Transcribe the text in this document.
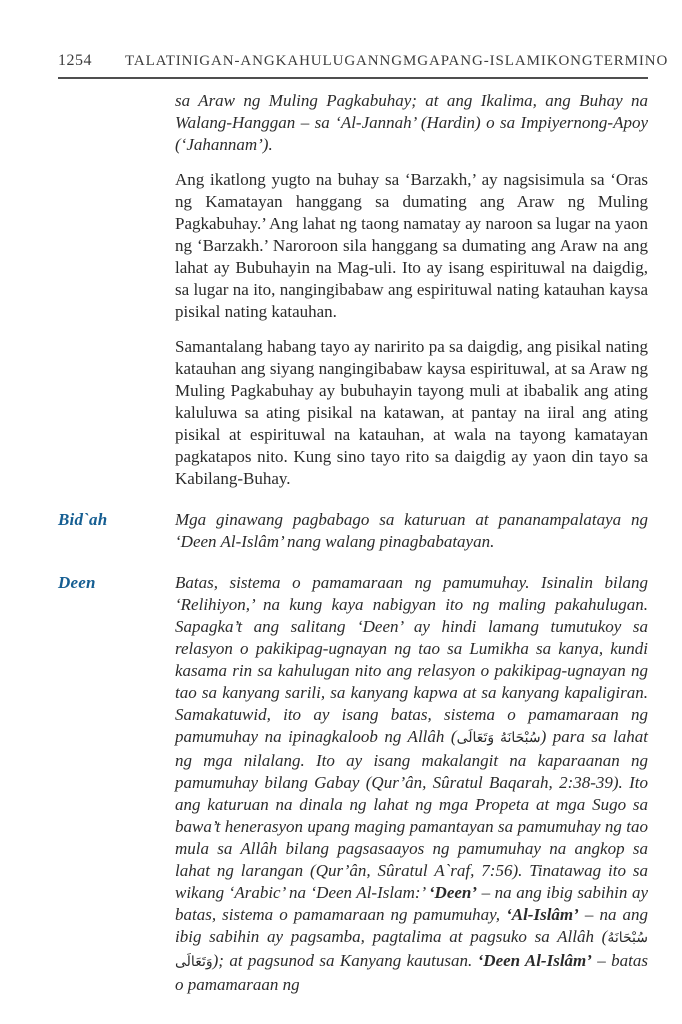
1254	TALATINIGAN-ANGKAHULUGANNGMGAPANG-ISLAMIKONGTERMINO

sa Araw ng Muling Pagkabuhay; at ang Ikalima, ang Buhay na Walang-Hanggan – sa ‘Al-Jannah’ (Hardin) o sa Impiyernong-Apoy (‘Jahannam’).

Ang ikatlong yugto na buhay sa ‘Barzakh,’ ay nagsisimula sa ‘Oras ng Kamatayan hanggang sa dumating ang Araw ng Muling Pagkabuhay.’ Ang lahat ng taong namatay ay naroon sa lugar na yaon ng ‘Barzakh.’ Naroroon sila hanggang sa dumating ang Araw na ang lahat ay Bubuhayin na Mag-uli. Ito ay isang espirituwal na daigdig, sa lugar na ito, nangingibabaw ang espirituwal nating katauhan kaysa pisikal nating katauhan.

Samantalang habang tayo ay naririto pa sa daigdig, ang pisikal nating katauhan ang siyang nangingibabaw kaysa espirituwal, at sa Araw ng Muling Pagkabuhay ay bubuhayin tayong muli at ibabalik ang ating kaluluwa sa ating pisikal na katawan, at pantay na iiral ang ating pisikal at espirituwal na katauhan, at wala na tayong kamatayan pagkatapos nito. Kung sino tayo rito sa daigdig ay yaon din tayo sa Kabilang-Buhay.

Bid`ah	Mga ginawang pagbabago sa katuruan at pananampalataya ng ‘Deen Al-Islâm’ nang walang pinagbabatayan.

Deen	Batas, sistema o pamamaraan ng pamumuhay. Isinalin bilang ‘Relihiyon,’ na kung kaya nabigyan ito ng maling pakahulugan. Sapagka’t ang salitang ‘Deen’ ay hindi lamang tumutukoy sa relasyon o pakikipag-ugnayan ng tao sa Lumikha sa kanya, kundi kasama rin sa kahulugan nito ang relasyon o pakikipag-ugnayan ng tao sa kanyang sarili, sa kanyang kapwa at sa kanyang kapaligiran. Samakatuwid, ito ay isang batas, sistema o pamamaraan ng pamumuhay na ipinagkaloob ng Allâh (سُبْحَانَهُ وَتَعَالَى) para sa lahat ng mga nilalang. Ito ay isang makalangit na kaparaanan ng pamumuhay bilang Gabay (Qur’ân, Sûratul Baqarah, 2:38-39). Ito ang katuruan na dinala ng lahat ng mga Propeta at mga Sugo sa bawa’t henerasyon upang maging pamantayan sa pamumuhay ng tao mula sa Allâh bilang pagsasaayos ng pamumuhay na angkop sa lahat ng larangan (Qur’ân, Sûratul A`raf, 7:56). Tinatawag ito sa wikang ‘Arabic’ na ‘Deen Al-Islam:’ ‘Deen’ – na ang ibig sabihin ay batas, sistema o pamamaraan ng pamumuhay, ‘Al-Islâm’ – na ang ibig sabihin ay pagsamba, pagtalima at pagsuko sa Allâh (سُبْحَانَهُ وَتَعَالَى); at pagsunod sa Kanyang kautusan. ‘Deen Al-Islâm’ – batas o pamamaraan ng
